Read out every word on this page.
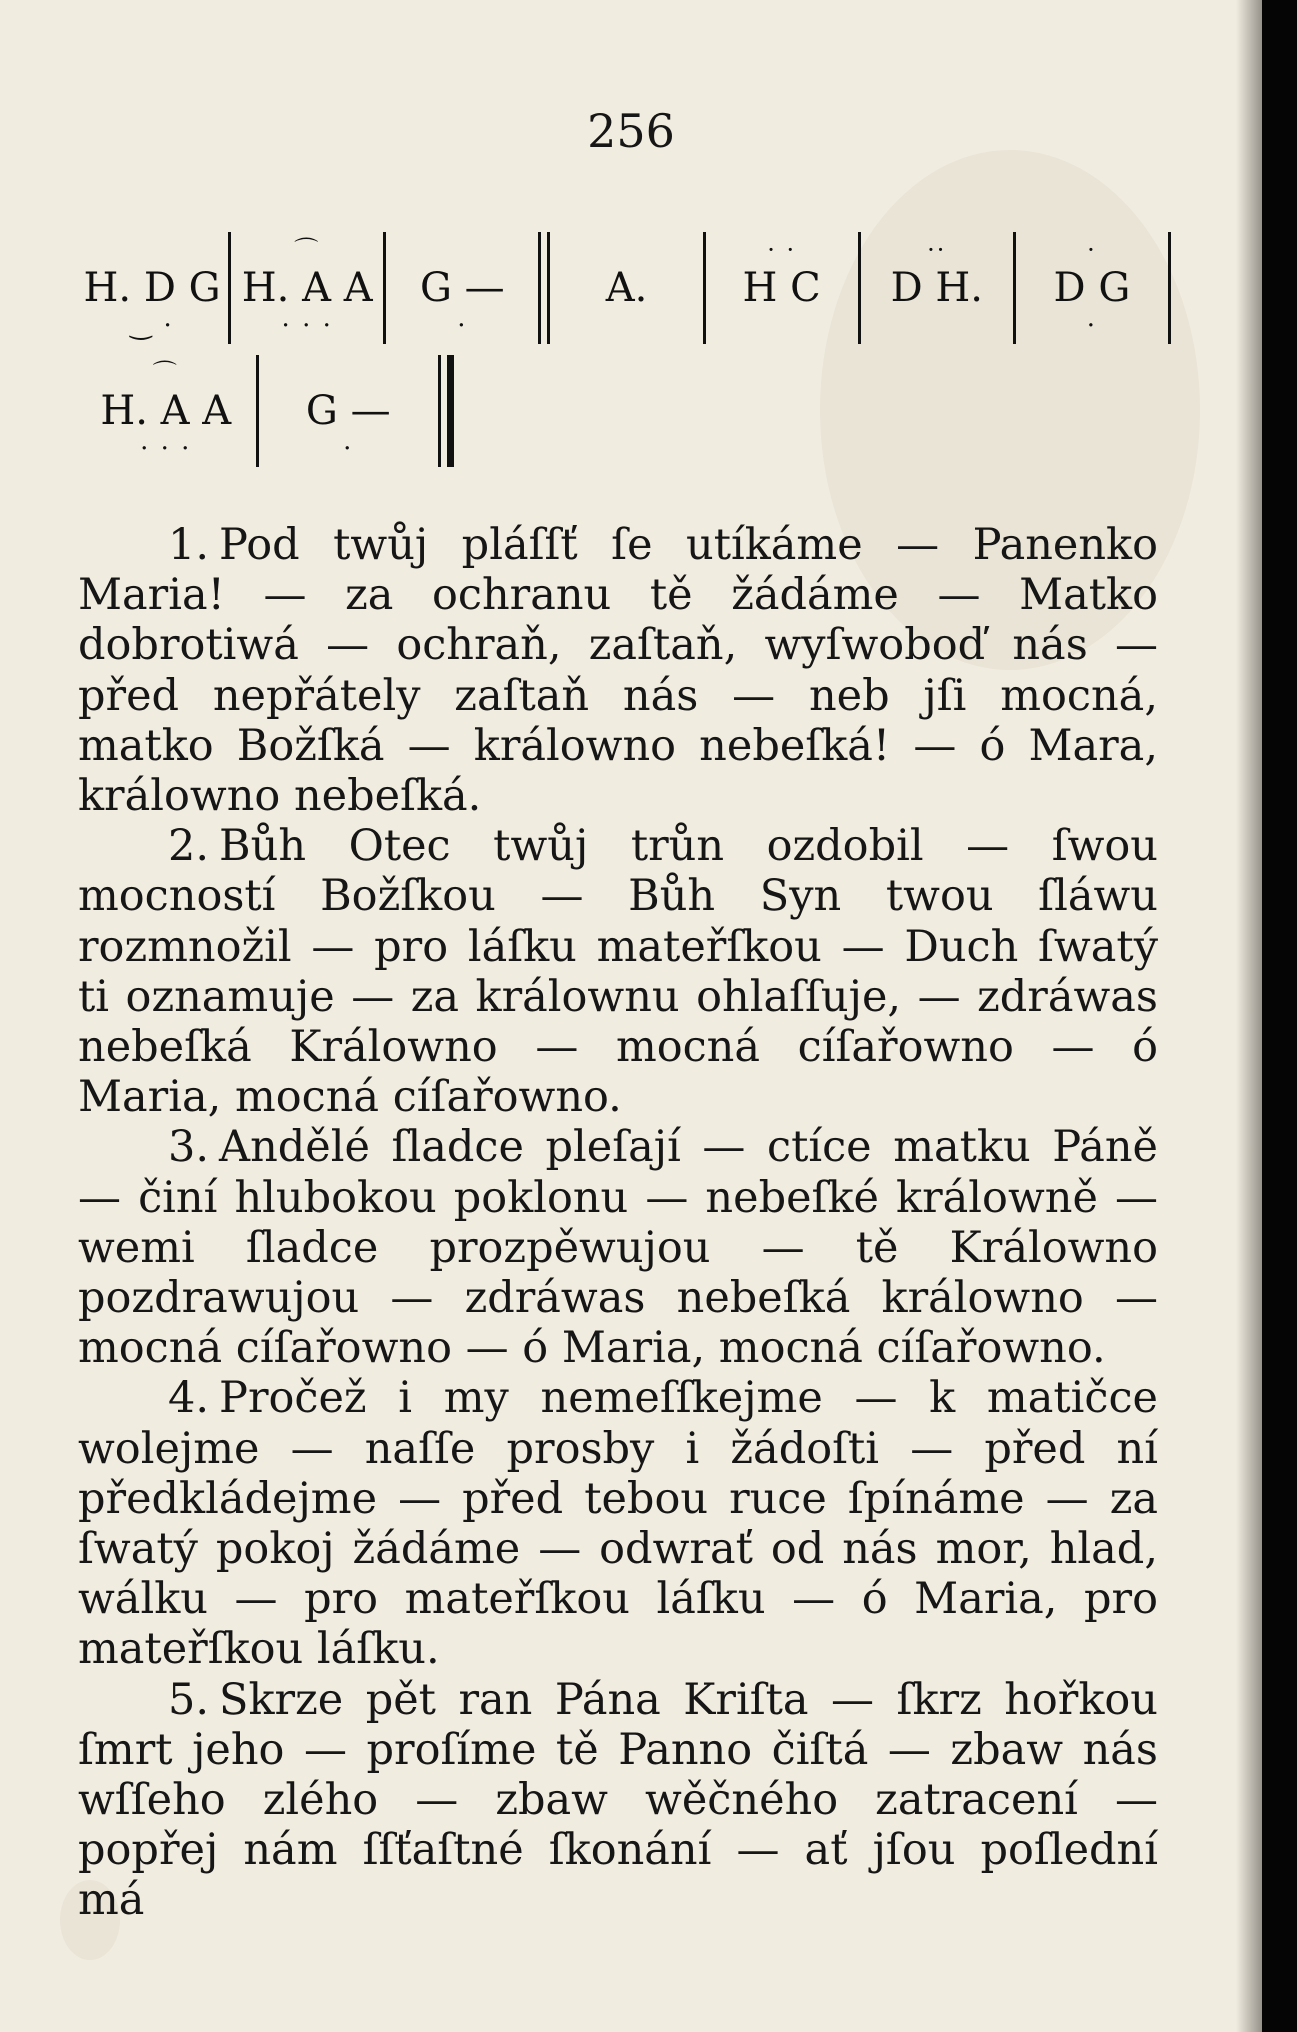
256
H. D G
‿ ·
⌒
H. A A
· · ·
G —
·
A.
· ·
H C
··
D H.
·
D G
·
⌒
H. A A
· · ·
G —
·

1. Pod twůj pláſſť ſe utíkáme — Panenko Maria! — za ochranu tě žádáme — Matko dobrotiwá — ochraň, zaſtaň, wyſwoboď nás — před nepřátely zaſtaň nás — neb jſi mocná, matko Božſká — králowno nebeſká! — ó Mara, králowno nebeſká.

2. Bůh Otec twůj trůn ozdobil — ſwou mocností Božſkou — Bůh Syn twou ſláwu rozmnožil — pro láſku mateřſkou — Duch ſwatý ti oznamuje — za králownu ohlaſſuje, — zdráwas nebeſká Králowno — mocná cíſařowno — ó Maria, mocná cíſařowno.

3. Andělé ſladce pleſají — ctíce matku Páně — činí hlubokou poklonu — nebeſké králowně — wemi ſladce prozpěwujou — tě Králowno pozdrawujou — zdráwas nebeſká králowno — mocná cíſařowno — ó Maria, mocná cíſařowno.

4. Pročež i my nemeſſkejme — k matičce wolejme — naſſe prosby i žádoſti — před ní předkládejme — před tebou ruce ſpínáme — za ſwatý pokoj žádáme — odwrať od nás mor, hlad, wálku — pro mateřſkou láſku — ó Maria, pro mateřſkou láſku.

5. Skrze pět ran Pána Kriſta — ſkrz hořkou ſmrt jeho — proſíme tě Panno čiſtá — zbaw nás wſſeho zlého — zbaw wěčného zatracení — popřej nám ſſťaſtné ſkonání — ať jſou poſlední má
